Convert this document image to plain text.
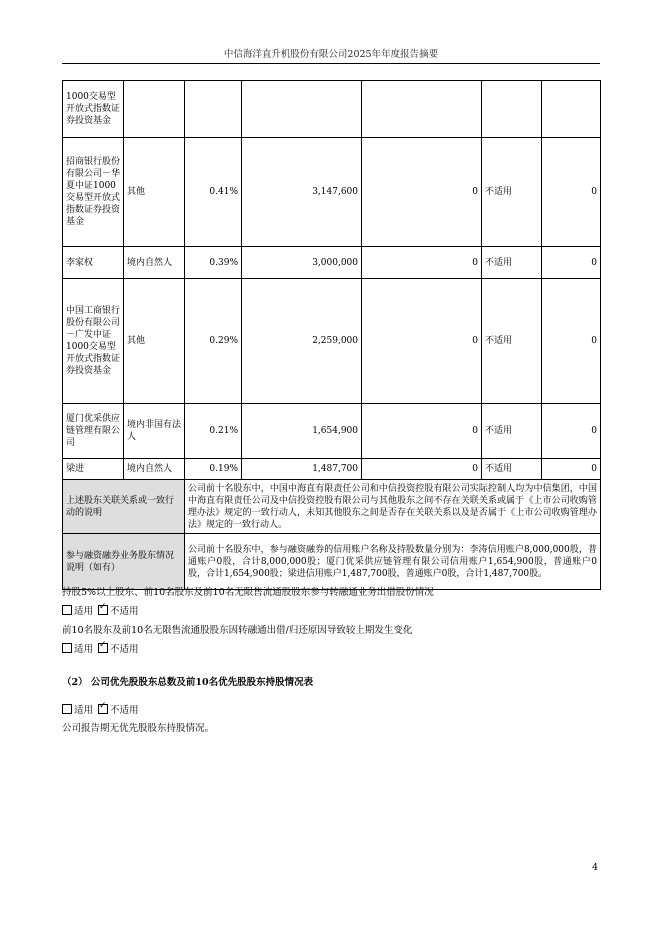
中信海洋直升机股份有限公司2025年年度报告摘要
1000交易型开放式指数证券投资基金						
招商银行股份有限公司－华夏中证1000交易型开放式指数证券投资基金	其他	0.41%	3,147,600	0	不适用	0
李家权	境内自然人	0.39%	3,000,000	0	不适用	0
中国工商银行股份有限公司－广发中证1000交易型开放式指数证券投资基金	其他	0.29%	2,259,000	0	不适用	0
厦门优采供应链管理有限公司	境内非国有法人	0.21%	1,654,900	0	不适用	0
梁进	境内自然人	0.19%	1,487,700	0	不适用	0
上述股东关联关系或一致行动的说明		公司前十名股东中，中国中海直有限责任公司和中信投资控股有限公司实际控制人均为中信集团，中国中海直有限责任公司及中信投资控股有限公司与其他股东之间不存在关联关系或属于《上市公司收购管理办法》规定的一致行动人，未知其他股东之间是否存在关联关系以及是否属于《上市公司收购管理办法》规定的一致行动人。				
参与融资融券业务股东情况说明（如有）		公司前十名股东中，参与融资融券的信用账户名称及持股数量分别为：李涛信用账户8,000,000股，普通账户0股，合计8,000,000股；厦门优采供应链管理有限公司信用账户1,654,900股，普通账户0股，合计1,654,900股；梁进信用账户1,487,700股，普通账户0股，合计1,487,700股。				
持股5%以上股东、前10名股东及前10名无限售流通股股东参与转融通业务出借股份情况
适用 ✓ 不适用
前10名股东及前10名无限售流通股股东因转融通出借/归还原因导致较上期发生变化
适用 ✓ 不适用
（2） 公司优先股股东总数及前10名优先股股东持股情况表
适用 ✓ 不适用
公司报告期无优先股股东持股情况。
4
